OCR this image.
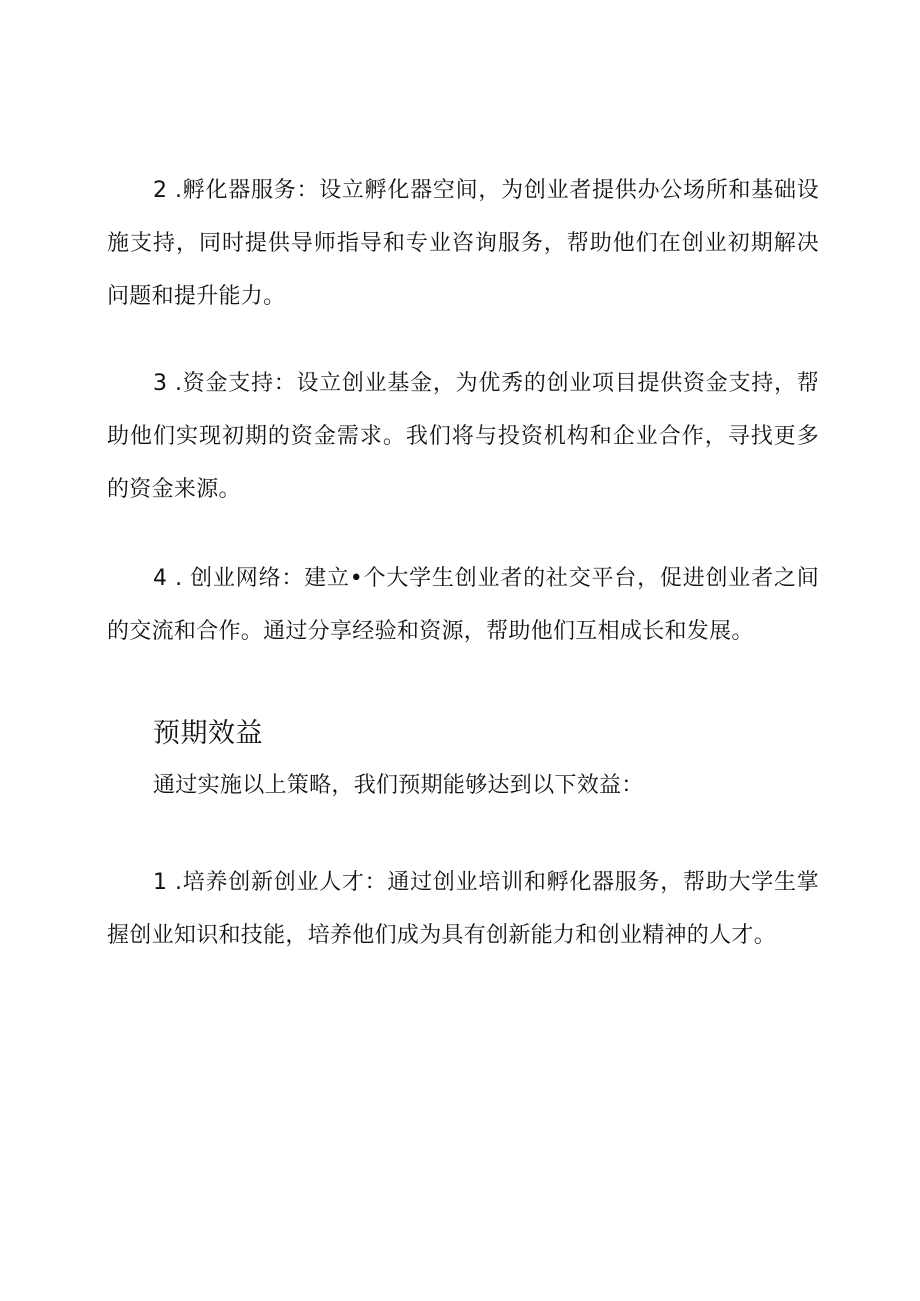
2 .孵化器服务：设立孵化器空间，为创业者提供办公场所和基础设施支持，同时提供导师指导和专业咨询服务，帮助他们在创业初期解决问题和提升能力。

3 .资金支持：设立创业基金，为优秀的创业项目提供资金支持，帮助他们实现初期的资金需求。我们将与投资机构和企业合作，寻找更多的资金来源。

4 . 创业网络：建立•个大学生创业者的社交平台，促进创业者之间的交流和合作。通过分享经验和资源，帮助他们互相成长和发展。

预期效益

通过实施以上策略，我们预期能够达到以下效益：

1 .培养创新创业人才：通过创业培训和孵化器服务，帮助大学生掌握创业知识和技能，培养他们成为具有创新能力和创业精神的人才。
